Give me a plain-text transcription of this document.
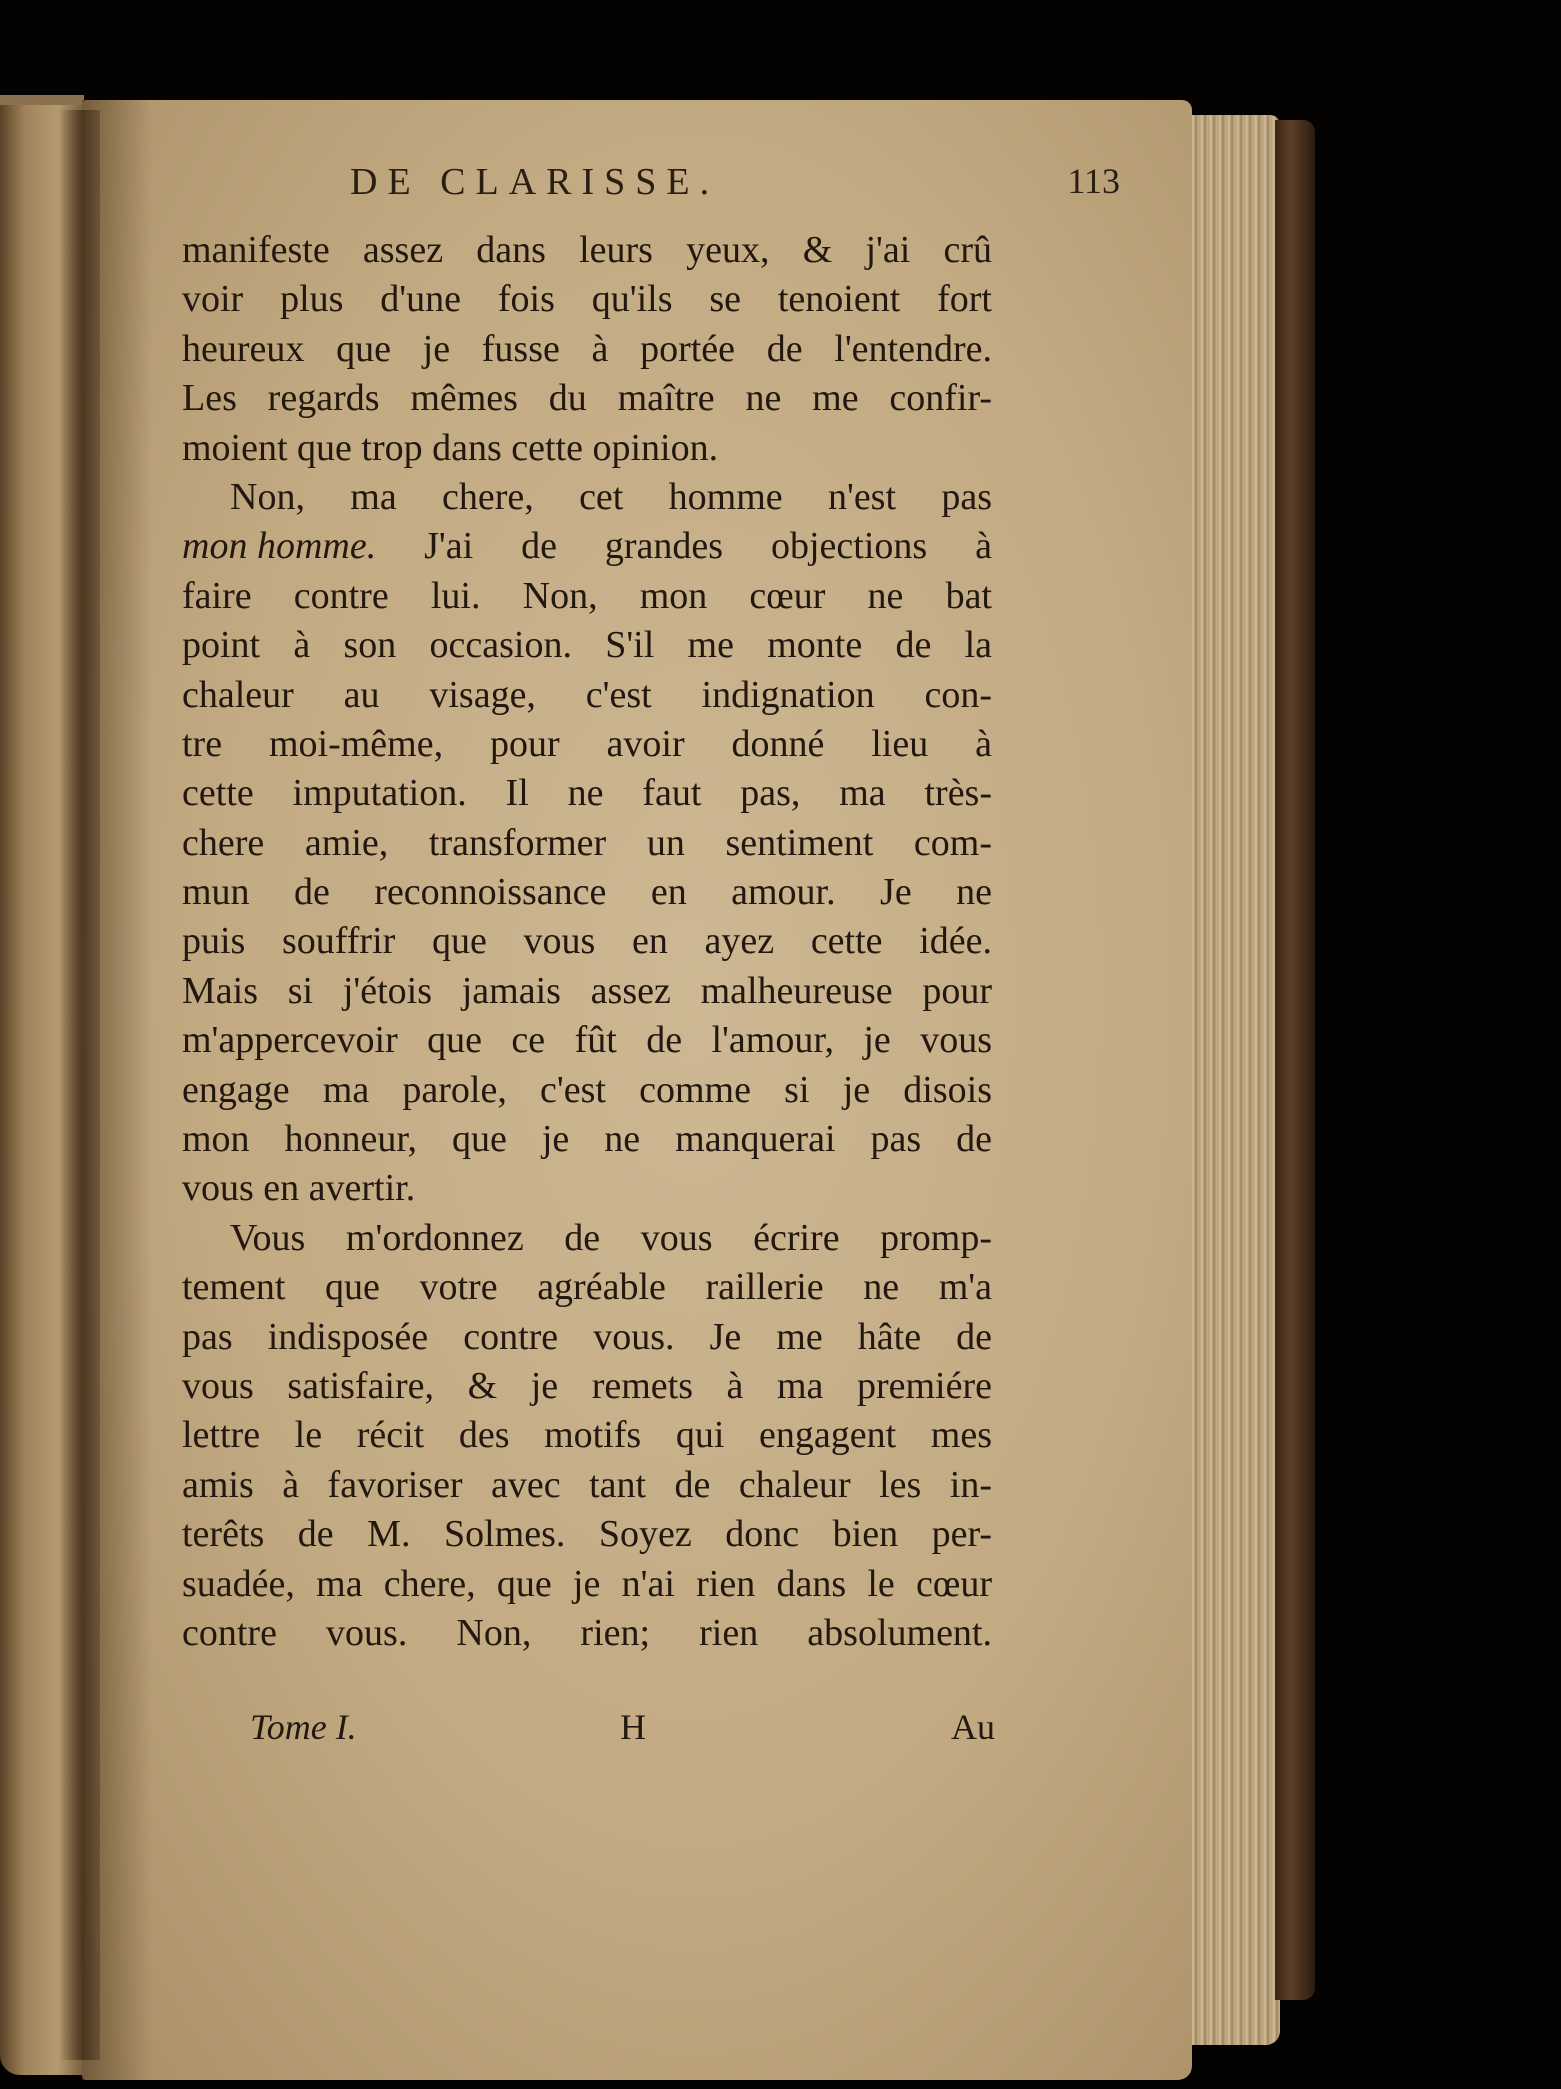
DE CLARISSE.	113
manifeste assez dans leurs yeux, & j'ai crû
voir plus d'une fois qu'ils se tenoient fort
heureux que je fusse à portée de l'entendre.
Les regards mêmes du maître ne me confir-
moient que trop dans cette opinion.
Non, ma chere, cet homme n'est pas
mon homme. J'ai de grandes objections à
faire contre lui. Non, mon cœur ne bat
point à son occasion. S'il me monte de la
chaleur au visage, c'est indignation con-
tre moi-même, pour avoir donné lieu à
cette imputation. Il ne faut pas, ma très-
chere amie, transformer un sentiment com-
mun de reconnoissance en amour. Je ne
puis souffrir que vous en ayez cette idée.
Mais si j'étois jamais assez malheureuse pour
m'appercevoir que ce fût de l'amour, je vous
engage ma parole, c'est comme si je disois
mon honneur, que je ne manquerai pas de
vous en avertir.
Vous m'ordonnez de vous écrire promp-
tement que votre agréable raillerie ne m'a
pas indisposée contre vous. Je me hâte de
vous satisfaire, & je remets à ma premiére
lettre le récit des motifs qui engagent mes
amis à favoriser avec tant de chaleur les in-
terêts de M. Solmes. Soyez donc bien per-
suadée, ma chere, que je n'ai rien dans le cœur
contre vous. Non, rien; rien absolument.
Tome I.	H	Au
